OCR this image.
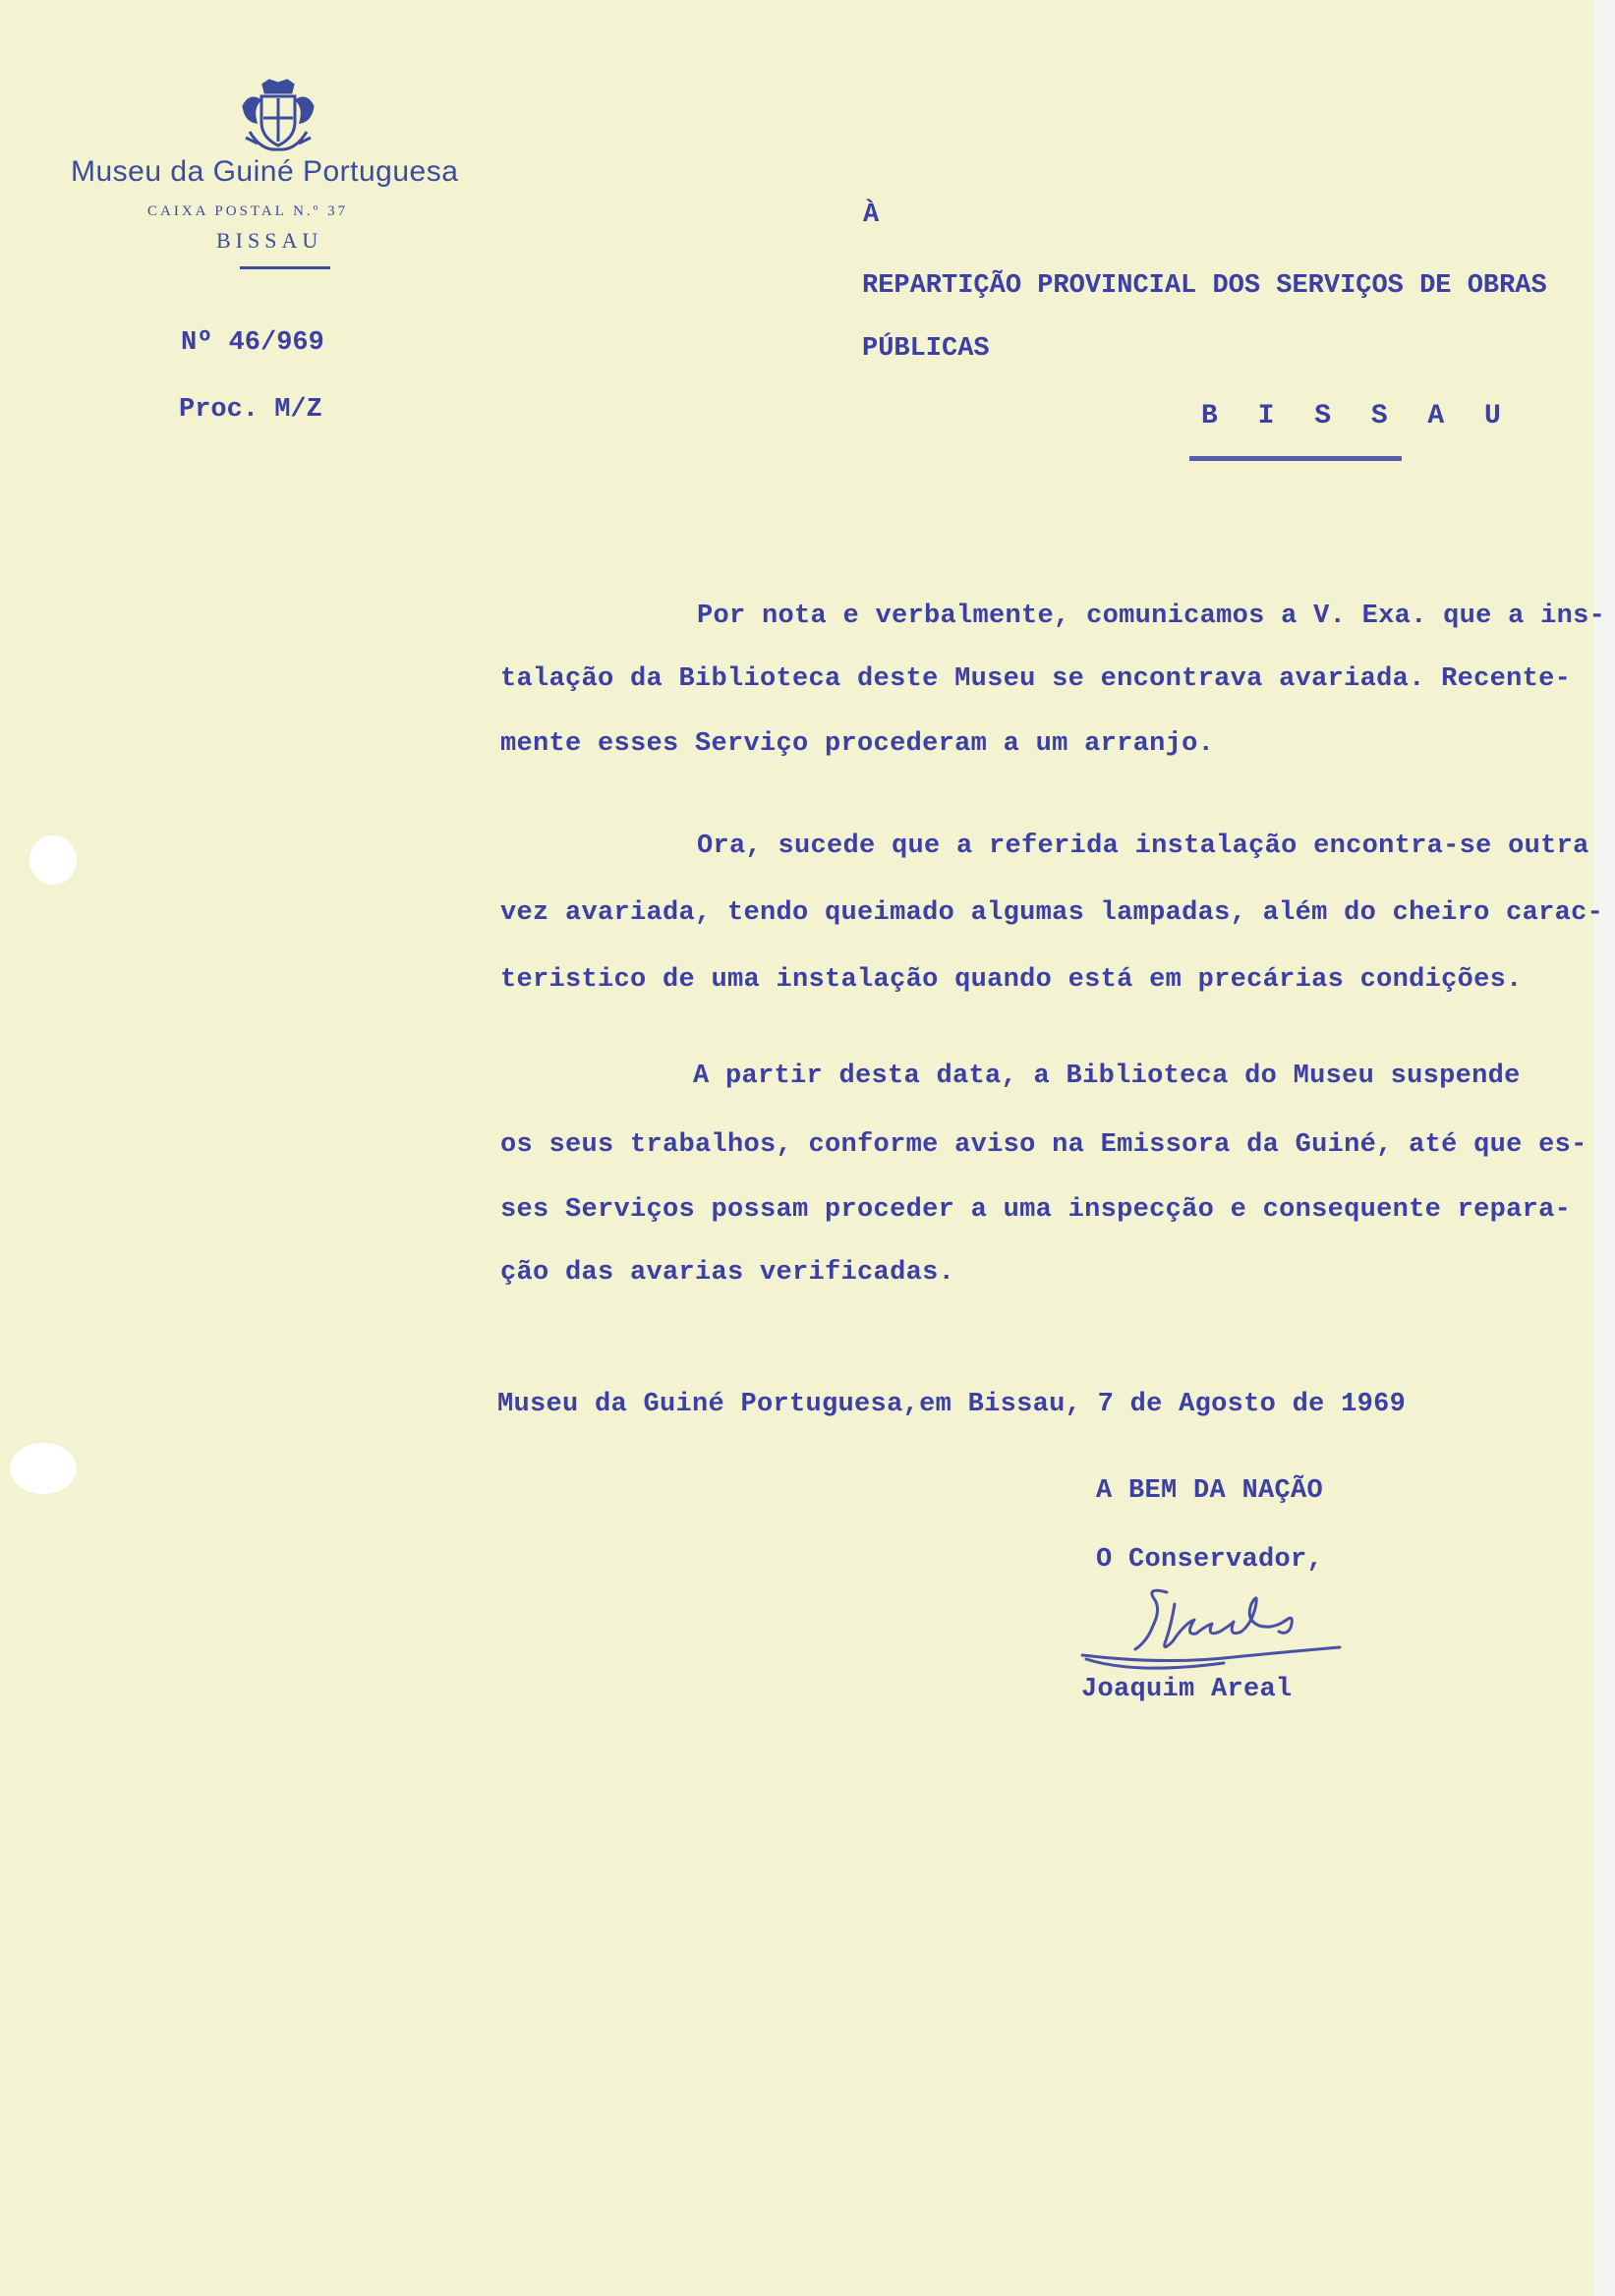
Museu da Guiné Portuguesa
CAIXA POSTAL N.º 37
BISSAU
Nº 46/969
Proc. M/Z
À
REPARTIÇÃO PROVINCIAL DOS SERVIÇOS DE OBRAS
PÚBLICAS
B I S S A U
Por nota e verbalmente, comunicamos a V. Exa. que a ins-
talação da Biblioteca deste Museu se encontrava avariada. Recente-
mente esses Serviço procederam a um arranjo.
Ora, sucede que a referida instalação encontra-se outra
vez avariada, tendo queimado algumas lampadas, além do cheiro carac-
teristico de uma instalação quando está em precárias condições.
A partir desta data, a Biblioteca do Museu suspende
os seus trabalhos, conforme aviso na Emissora da Guiné, até que es-
ses Serviços possam proceder a uma inspecção e consequente repara-
ção das avarias verificadas.
Museu da Guiné Portuguesa,em Bissau, 7 de Agosto de 1969
A BEM DA NAÇÃO
O Conservador,
Joaquim Areal
